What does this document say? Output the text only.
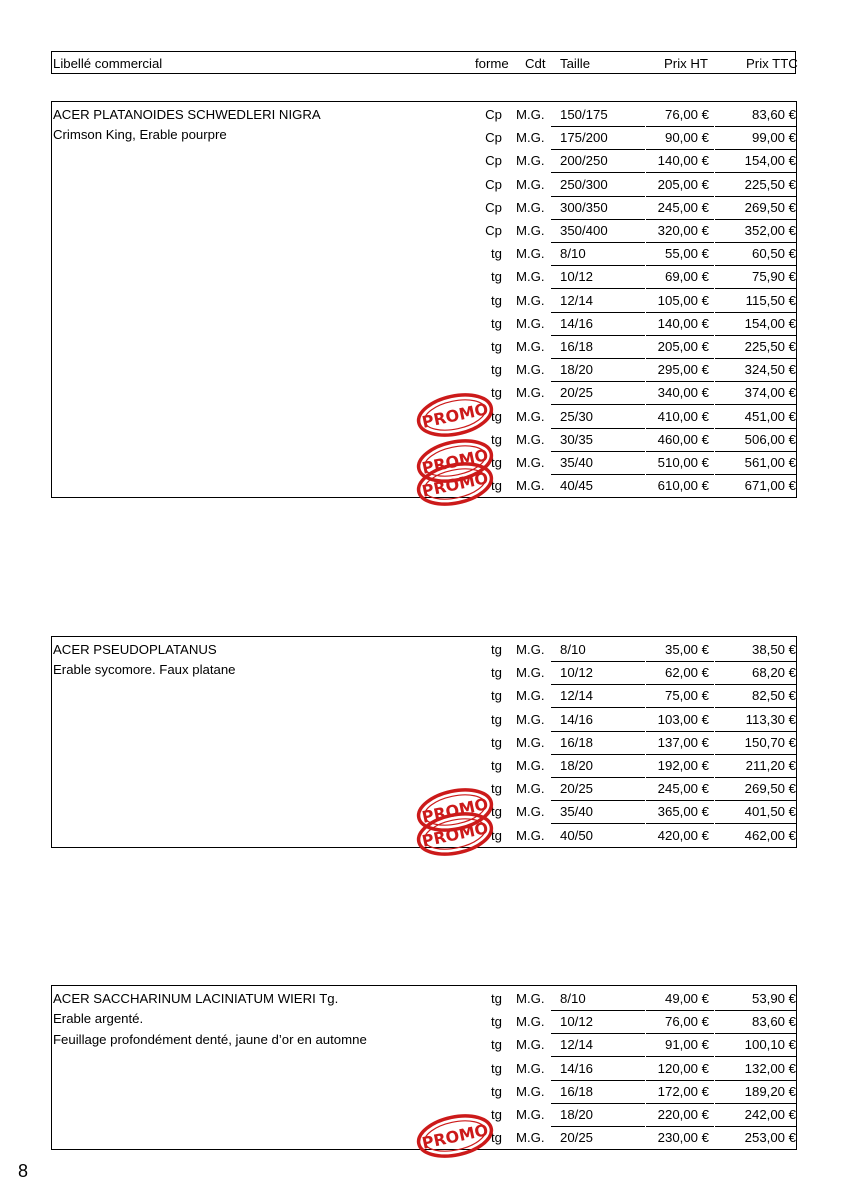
Libellé commercial	forme Cdt Taille	Prix HT	Prix TTC
ACER PLATANOIDES SCHWEDLERI NIGRA
Crimson King, Erable pourpre
Cp M.G. 150/175	76,00 €	83,60 €
Cp M.G. 175/200	90,00 €	99,00 €
Cp M.G. 200/250	140,00 €	154,00 €
Cp M.G. 250/300	205,00 €	225,50 €
Cp M.G. 300/350	245,00 €	269,50 €
Cp M.G. 350/400	320,00 €	352,00 €
tg M.G. 8/10	55,00 €	60,50 €
tg M.G. 10/12	69,00 €	75,90 €
tg M.G. 12/14	105,00 €	115,50 €
tg M.G. 14/16	140,00 €	154,00 €
tg M.G. 16/18	205,00 €	225,50 €
tg M.G. 18/20	295,00 €	324,50 €
tg M.G. 20/25	340,00 €	374,00 €
tg M.G. 25/30	410,00 €	451,00 €
tg M.G. 30/35	460,00 €	506,00 €
tg M.G. 35/40	510,00 €	561,00 €
tg M.G. 40/45	610,00 €	671,00 €
PROMO
PROMO
PROMO
ACER PSEUDOPLATANUS
Erable sycomore. Faux platane
tg M.G. 8/10	35,00 €	38,50 €
tg M.G. 10/12	62,00 €	68,20 €
tg M.G. 12/14	75,00 €	82,50 €
tg M.G. 14/16	103,00 €	113,30 €
tg M.G. 16/18	137,00 €	150,70 €
tg M.G. 18/20	192,00 €	211,20 €
tg M.G. 20/25	245,00 €	269,50 €
tg M.G. 35/40	365,00 €	401,50 €
tg M.G. 40/50	420,00 €	462,00 €
PROMO
PROMO
ACER SACCHARINUM LACINIATUM WIERI Tg.
Erable argenté.
Feuillage profondément denté, jaune d’or en automne
tg M.G. 8/10	49,00 €	53,90 €
tg M.G. 10/12	76,00 €	83,60 €
tg M.G. 12/14	91,00 €	100,10 €
tg M.G. 14/16	120,00 €	132,00 €
tg M.G. 16/18	172,00 €	189,20 €
tg M.G. 18/20	220,00 €	242,00 €
tg M.G. 20/25	230,00 €	253,00 €
PROMO
8
